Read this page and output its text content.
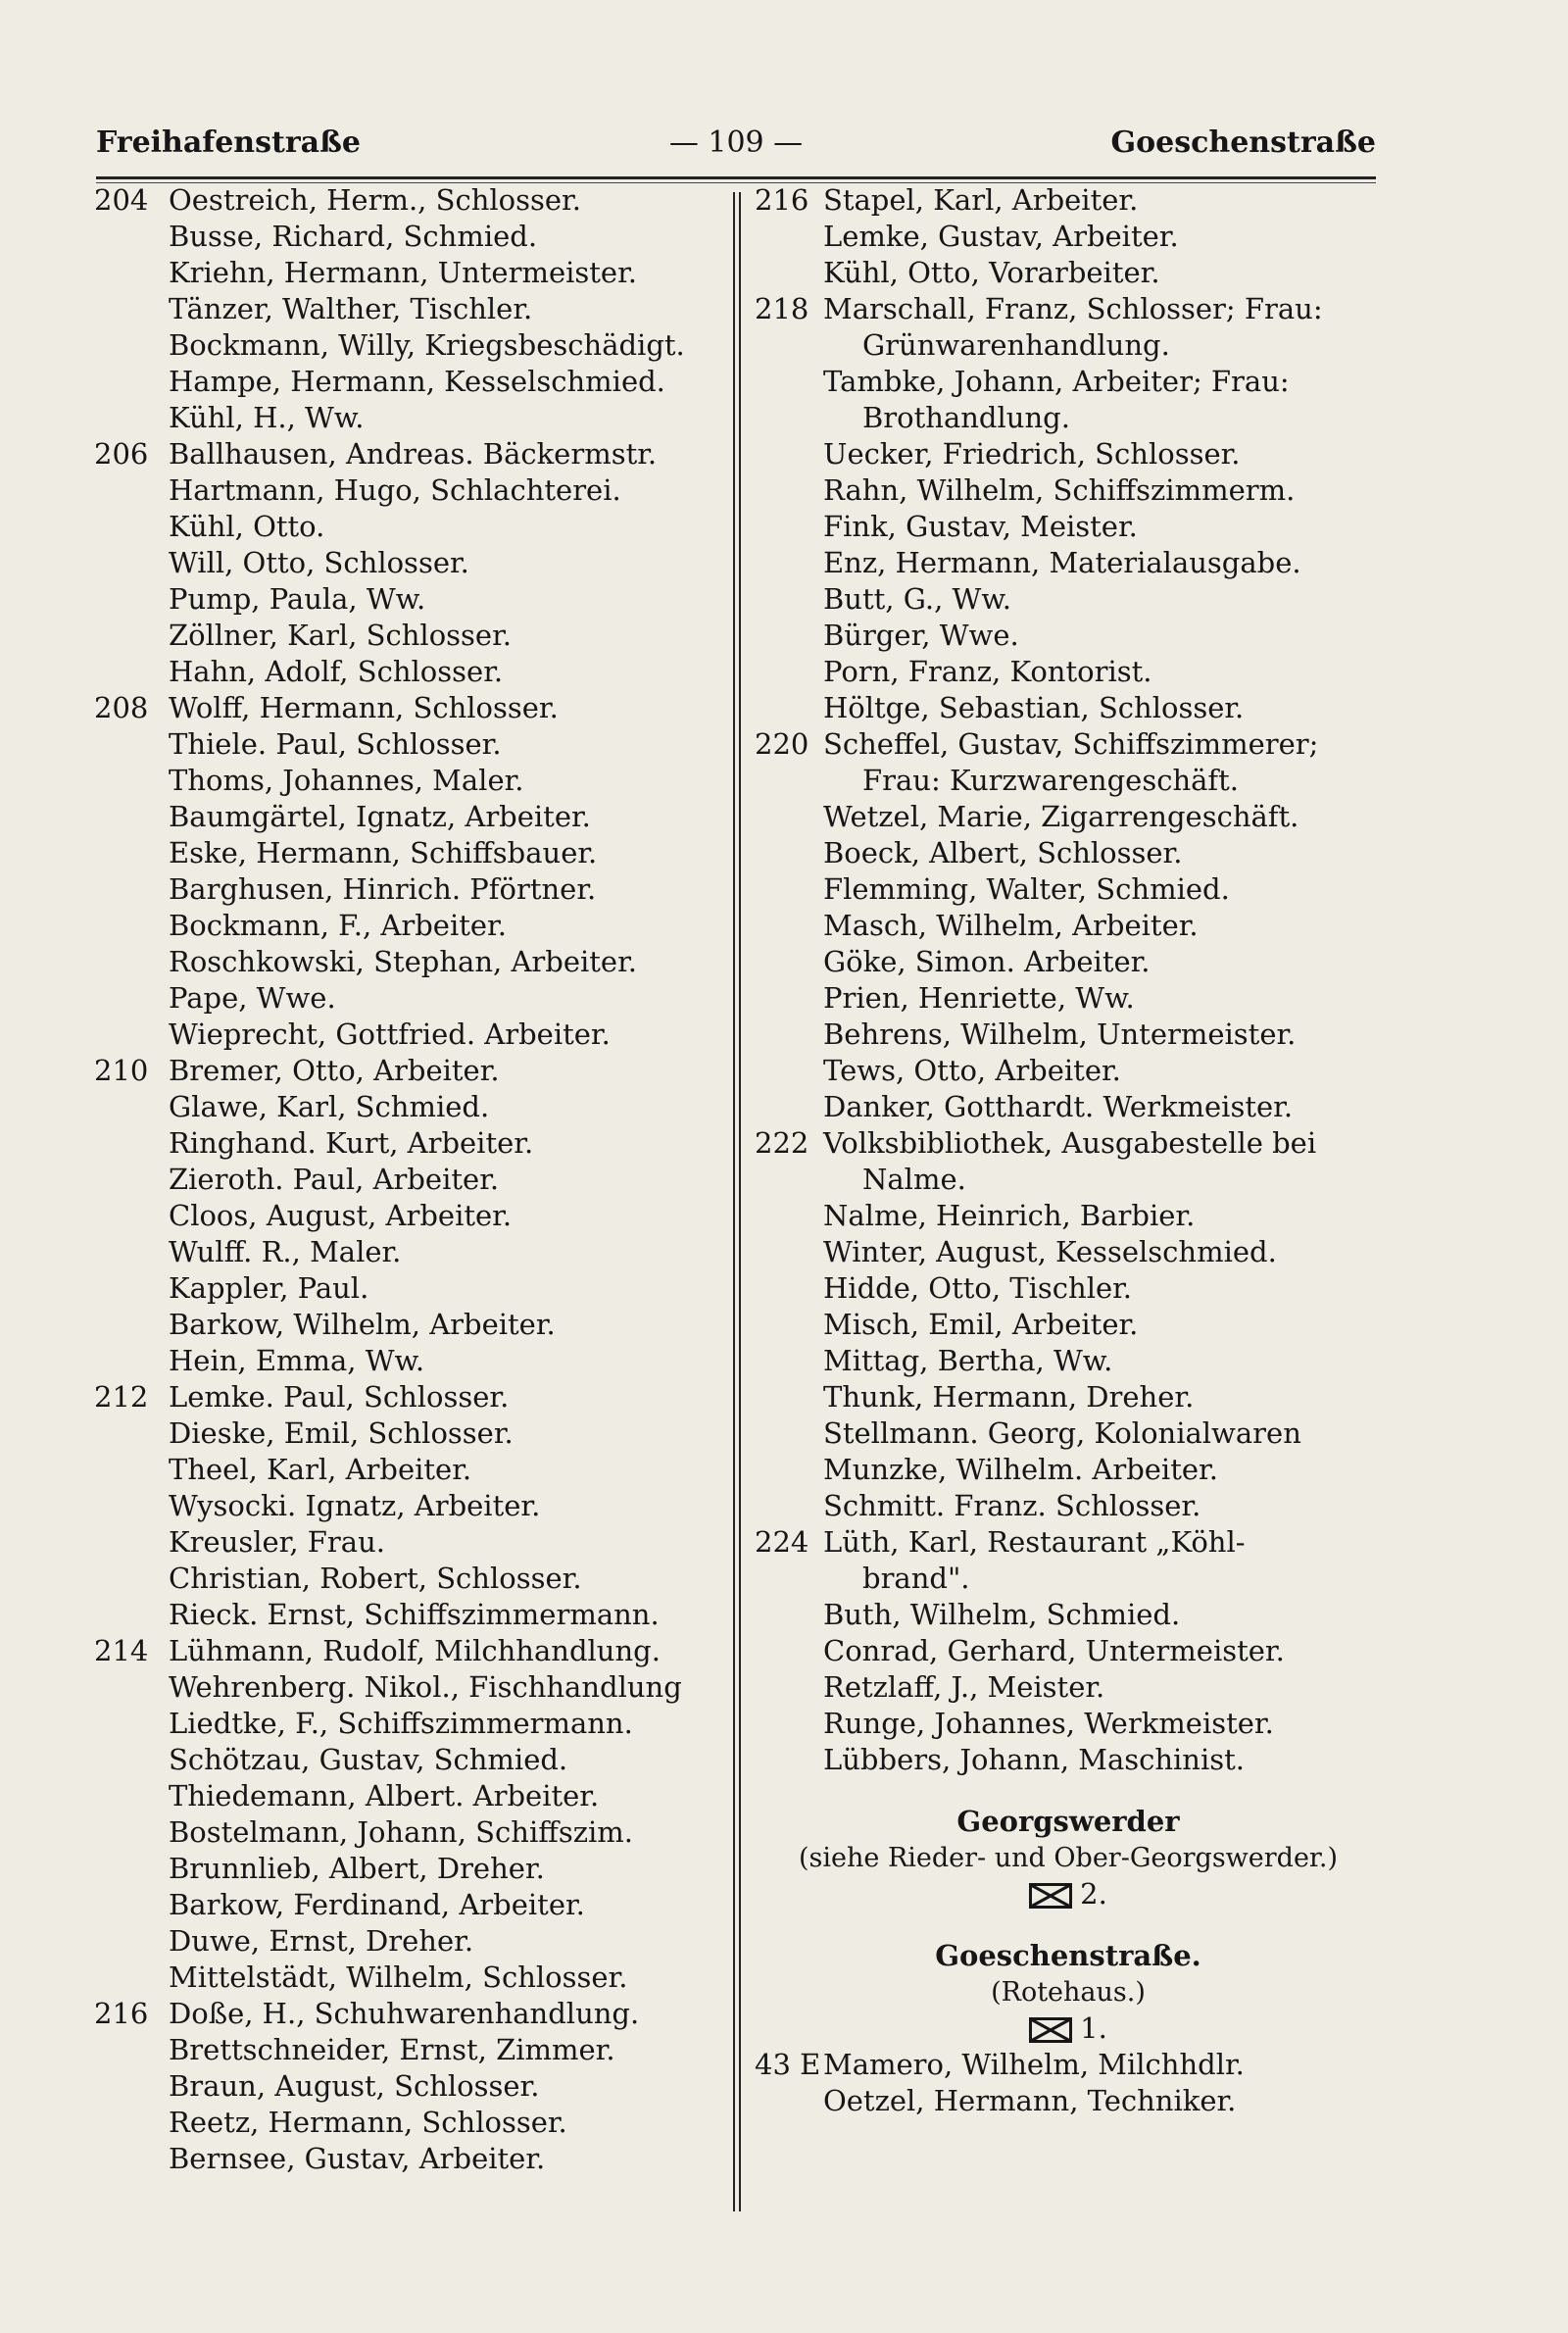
Freihafenstraße	— 109 —	Goeschenstraße
204 Oestreich, Herm., Schlosser.
Busse, Richard, Schmied.
Kriehn, Hermann, Untermeister.
Tänzer, Walther, Tischler.
Bockmann, Willy, Kriegsbeschädigt.
Hampe, Hermann, Kesselschmied.
Kühl, H., Ww.
206 Ballhausen, Andreas. Bäckermstr.
Hartmann, Hugo, Schlachterei.
Kühl, Otto.
Will, Otto, Schlosser.
Pump, Paula, Ww.
Zöllner, Karl, Schlosser.
Hahn, Adolf, Schlosser.
208 Wolff, Hermann, Schlosser.
Thiele. Paul, Schlosser.
Thoms, Johannes, Maler.
Baumgärtel, Ignatz, Arbeiter.
Eske, Hermann, Schiffsbauer.
Barghusen, Hinrich. Pförtner.
Bockmann, F., Arbeiter.
Roschkowski, Stephan, Arbeiter.
Pape, Wwe.
Wieprecht, Gottfried. Arbeiter.
210 Bremer, Otto, Arbeiter.
Glawe, Karl, Schmied.
Ringhand. Kurt, Arbeiter.
Zieroth. Paul, Arbeiter.
Cloos, August, Arbeiter.
Wulff. R., Maler.
Kappler, Paul.
Barkow, Wilhelm, Arbeiter.
Hein, Emma, Ww.
212 Lemke. Paul, Schlosser.
Dieske, Emil, Schlosser.
Theel, Karl, Arbeiter.
Wysocki. Ignatz, Arbeiter.
Kreusler, Frau.
Christian, Robert, Schlosser.
Rieck. Ernst, Schiffszimmermann.
214 Lühmann, Rudolf, Milchhandlung.
Wehrenberg. Nikol., Fischhandlung
Liedtke, F., Schiffszimmermann.
Schötzau, Gustav, Schmied.
Thiedemann, Albert. Arbeiter.
Bostelmann, Johann, Schiffszim.
Brunnlieb, Albert, Dreher.
Barkow, Ferdinand, Arbeiter.
Duwe, Ernst, Dreher.
Mittelstädt, Wilhelm, Schlosser.
216 Doße, H., Schuhwarenhandlung.
Brettschneider, Ernst, Zimmer.
Braun, August, Schlosser.
Reetz, Hermann, Schlosser.
Bernsee, Gustav, Arbeiter.
216 Stapel, Karl, Arbeiter.
Lemke, Gustav, Arbeiter.
Kühl, Otto, Vorarbeiter.
218 Marschall, Franz, Schlosser; Frau:
Grünwarenhandlung.
Tambke, Johann, Arbeiter; Frau:
Brothandlung.
Uecker, Friedrich, Schlosser.
Rahn, Wilhelm, Schiffszimmerm.
Fink, Gustav, Meister.
Enz, Hermann, Materialausgabe.
Butt, G., Ww.
Bürger, Wwe.
Porn, Franz, Kontorist.
Höltge, Sebastian, Schlosser.
220 Scheffel, Gustav, Schiffszimmerer;
Frau: Kurzwarengeschäft.
Wetzel, Marie, Zigarrengeschäft.
Boeck, Albert, Schlosser.
Flemming, Walter, Schmied.
Masch, Wilhelm, Arbeiter.
Göke, Simon. Arbeiter.
Prien, Henriette, Ww.
Behrens, Wilhelm, Untermeister.
Tews, Otto, Arbeiter.
Danker, Gotthardt. Werkmeister.
222 Volksbibliothek, Ausgabestelle bei
Nalme.
Nalme, Heinrich, Barbier.
Winter, August, Kesselschmied.
Hidde, Otto, Tischler.
Misch, Emil, Arbeiter.
Mittag, Bertha, Ww.
Thunk, Hermann, Dreher.
Stellmann. Georg, Kolonialwaren
Munzke, Wilhelm. Arbeiter.
Schmitt. Franz. Schlosser.
224 Lüth, Karl, Restaurant „Köhl-
brand".
Buth, Wilhelm, Schmied.
Conrad, Gerhard, Untermeister.
Retzlaff, J., Meister.
Runge, Johannes, Werkmeister.
Lübbers, Johann, Maschinist.
Georgswerder
(siehe Rieder- und Ober-Georgswerder.)
2.
Goeschenstraße.
(Rotehaus.)
1.
43 E Mamero, Wilhelm, Milchhdlr.
Oetzel, Hermann, Techniker.
